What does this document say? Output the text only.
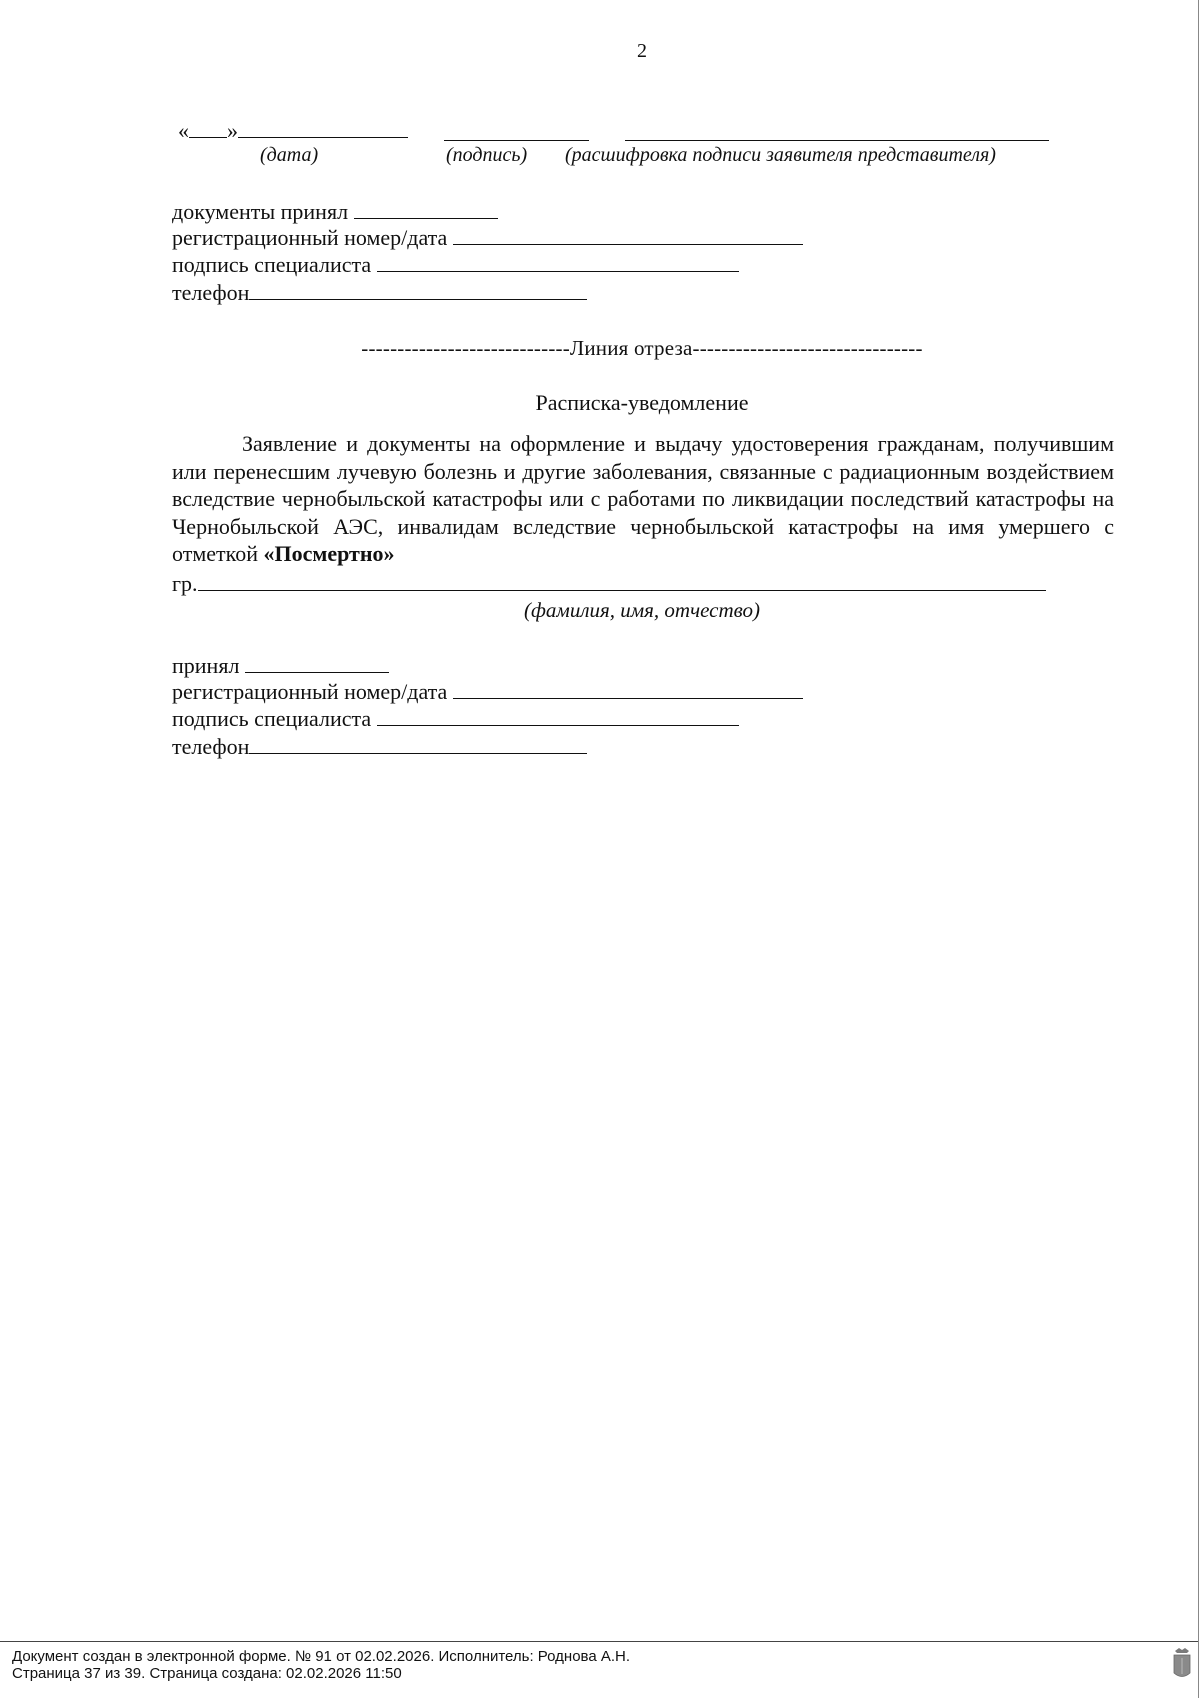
2
« »
(дата)	(подпись) (расшифровка подписи заявителя представителя)
документы принял
регистрационный номер/дата
подпись специалиста
телефон
-----------------------------Линия отреза--------------------------------
Расписка-уведомление
Заявление и документы на оформление и выдачу удостоверения гражданам, получившим или перенесшим лучевую болезнь и другие заболевания, связанные с радиационным воздействием вследствие чернобыльской катастрофы или с работами по ликвидации последствий катастрофы на Чернобыльской АЭС, инвалидам вследствие чернобыльской катастрофы на имя умершего с отметкой «Посмертно»
гр.
(фамилия, имя, отчество)
принял
регистрационный номер/дата
подпись специалиста
телефон
Документ создан в электронной форме. № 91 от 02.02.2026. Исполнитель: Роднова А.Н.
Страница 37 из 39. Страница создана: 02.02.2026 11:50
